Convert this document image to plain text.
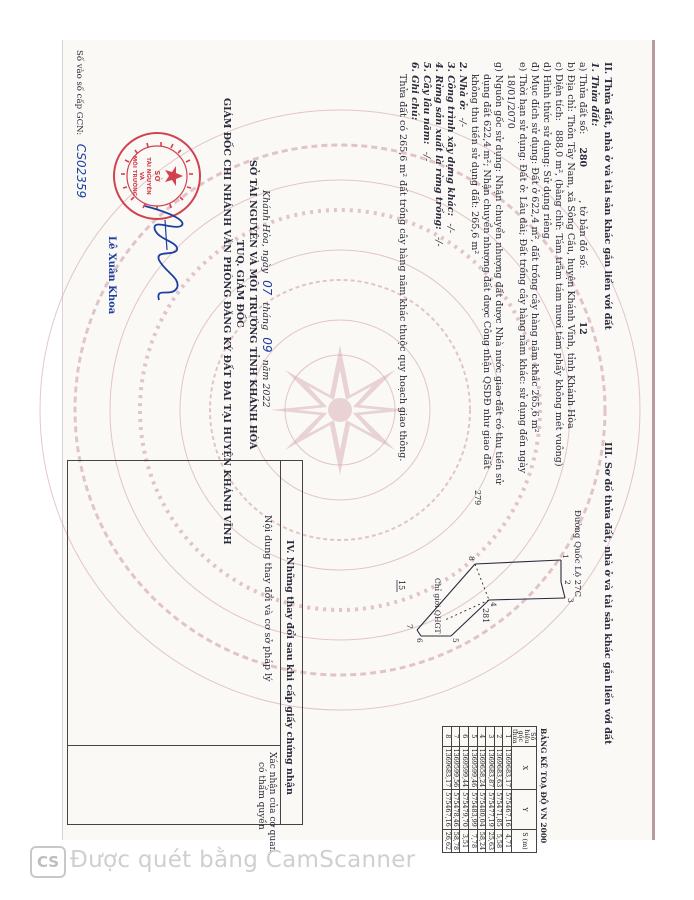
II. Thửa đất, nhà ở và tài sản khác gắn liền với đất
1. Thửa đất:
a) Thửa đất số: 280 , tờ bản đồ số: 12
b) Địa chỉ: Thôn Tây Nam, xã Sông Cầu, huyện Khánh Vĩnh, tỉnh Khánh Hòa
c) Diện tích: 888,0 m², (bằng chữ: Tám trăm tám mươi tám phẩy không mét vuông)
d) Hình thức sử dụng: Sử dụng riêng
đ) Mục đích sử dụng: Đất ở 622,4 m², đất trồng cây hàng năm khác 265,6 m²
e) Thời hạn sử dụng: Đất ở: Lâu dài; Đất trồng cây hàng năm khác: sử dụng đến ngày
18/01/2070
g) Nguồn gốc sử dụng: Nhận chuyển nhượng đất được Nhà nước giao đất có thu tiền sử
dụng đất 622,4 m²; Nhận chuyển nhượng đất được Công nhận QSDĐ như giao đất
không thu tiền sử dụng đất: 265,6 m²
2. Nhà ở: -/-
3. Công trình xây dựng khác: -/-
4. Rừng sản xuất là rừng trồng: -/-
5. Cây lâu năm: -/-
6. Ghi chú:
Thửa đất có 265,6 m² đất trồng cây hàng năm khác thuộc quy hoạch giao thông.
Khánh Hòa, ngày 07 tháng 09 năm 2022
SỞ TÀI NGUYÊN VÀ MÔI TRƯỜNG TỈNH KHÁNH HÒA
TUQ. GIÁM ĐỐC
GIÁM ĐỐC CHI NHÁNH VĂN PHÒNG ĐĂNG KÝ ĐẤT ĐAI TẠI HUYỆN KHÁNH VĨNH
SỞ
TÀI NGUYÊN
VÀ
MÔI TRƯỜNG
Lê Xuân Khoa
Số vào số cấp GCN: CS02359
III. Sơ đồ thửa đất, nhà ở và tài sản khác gắn liền với đất
Đường Quốc Lộ 27C
Chỉ giới QHGT
1
2
3
4
5
6
7
8
279
281
15
BẢNG KÊ TOẠ ĐỘ VN 2000
Số hiệu góc thửa	X	Y	S (m)
1	1369683,17	575467,16	4,71
2	1369683,63	575471,85	5,58
3	1369683,87	575477,19	25,63
4	1369658,24	575480,04	58,24
5	1369599,46	575483,99	7,78
6	1369599,44	575479,70	3,51
7	1369599,56	575478,46	58,78
8	1369683,17	575467,16	26,62
IV. Những thay đổi sau khi cấp giấy chứng nhận
Nội dung thay đổi và cơ sở pháp lý
Xác nhận của cơ quan
có thẩm quyền
CS Được quét bằng CamScanner
